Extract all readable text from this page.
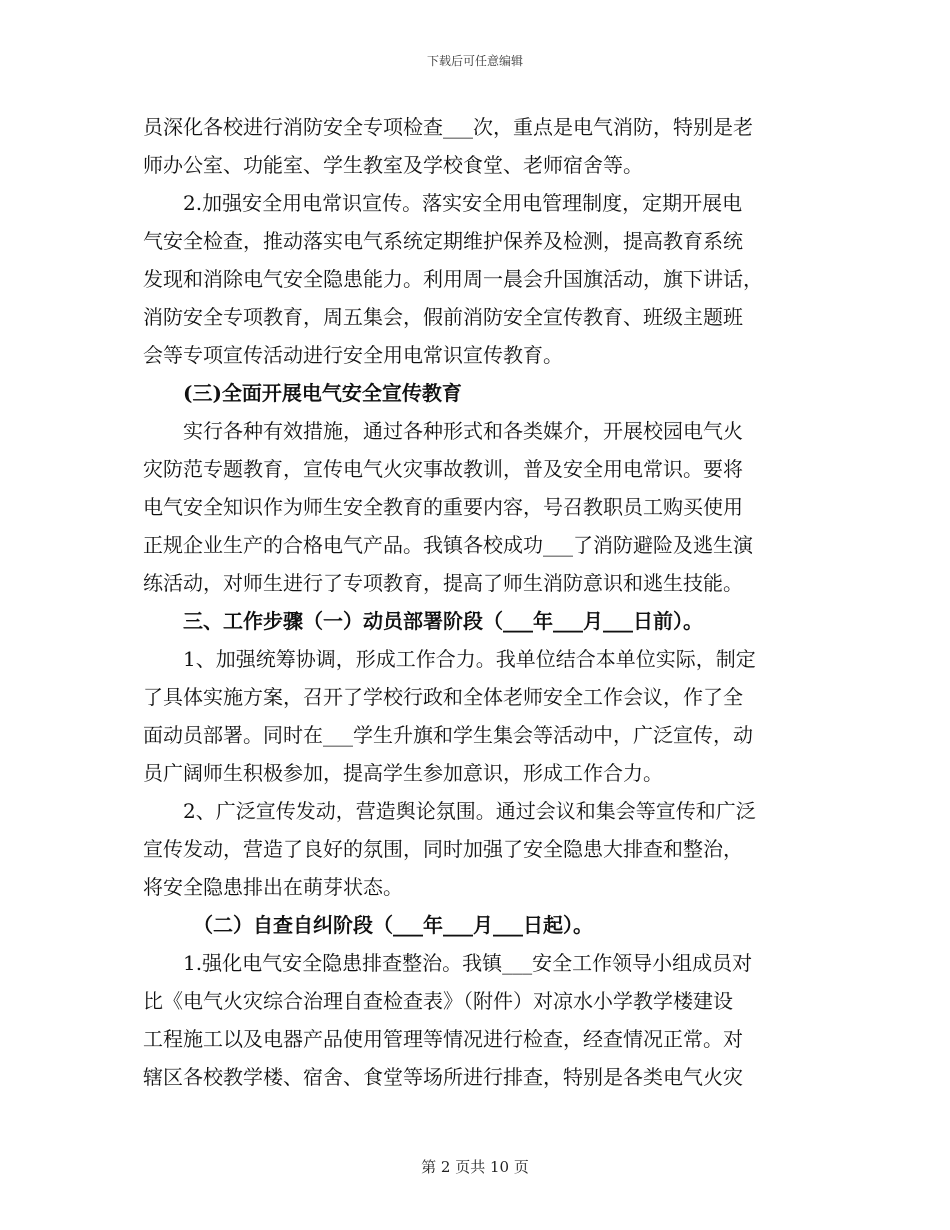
下载后可任意编辑
员深化各校进行消防安全专项检查___次，重点是电气消防，特别是老
师办公室、功能室、学生教室及学校食堂、老师宿舍等。
2.加强安全用电常识宣传。落实安全用电管理制度，定期开展电
气安全检查，推动落实电气系统定期维护保养及检测，提高教育系统
发现和消除电气安全隐患能力。利用周一晨会升国旗活动，旗下讲话，
消防安全专项教育，周五集会，假前消防安全宣传教育、班级主题班
会等专项宣传活动进行安全用电常识宣传教育。
(三)全面开展电气安全宣传教育
实行各种有效措施，通过各种形式和各类媒介，开展校园电气火
灾防范专题教育，宣传电气火灾事故教训，普及安全用电常识。要将
电气安全知识作为师生安全教育的重要内容，号召教职员工购买使用
正规企业生产的合格电气产品。我镇各校成功___了消防避险及逃生演
练活动，对师生进行了专项教育，提高了师生消防意识和逃生技能。
三、工作步骤（一）动员部署阶段（___年___月___日前）。
1、加强统筹协调，形成工作合力。我单位结合本单位实际，制定
了具体实施方案，召开了学校行政和全体老师安全工作会议，作了全
面动员部署。同时在___学生升旗和学生集会等活动中，广泛宣传，动
员广阔师生积极参加，提高学生参加意识，形成工作合力。
2、广泛宣传发动，营造舆论氛围。通过会议和集会等宣传和广泛
宣传发动，营造了良好的氛围，同时加强了安全隐患大排查和整治，
将安全隐患排出在萌芽状态。
（二）自查自纠阶段（___年___月___日起）。
1.强化电气安全隐患排查整治。我镇___安全工作领导小组成员对
比《电气火灾综合治理自查检查表》（附件）对凉水小学教学楼建设
工程施工以及电器产品使用管理等情况进行检查，经查情况正常。对
辖区各校教学楼、宿舍、食堂等场所进行排查，特别是各类电气火灾
第 2 页共 10 页
